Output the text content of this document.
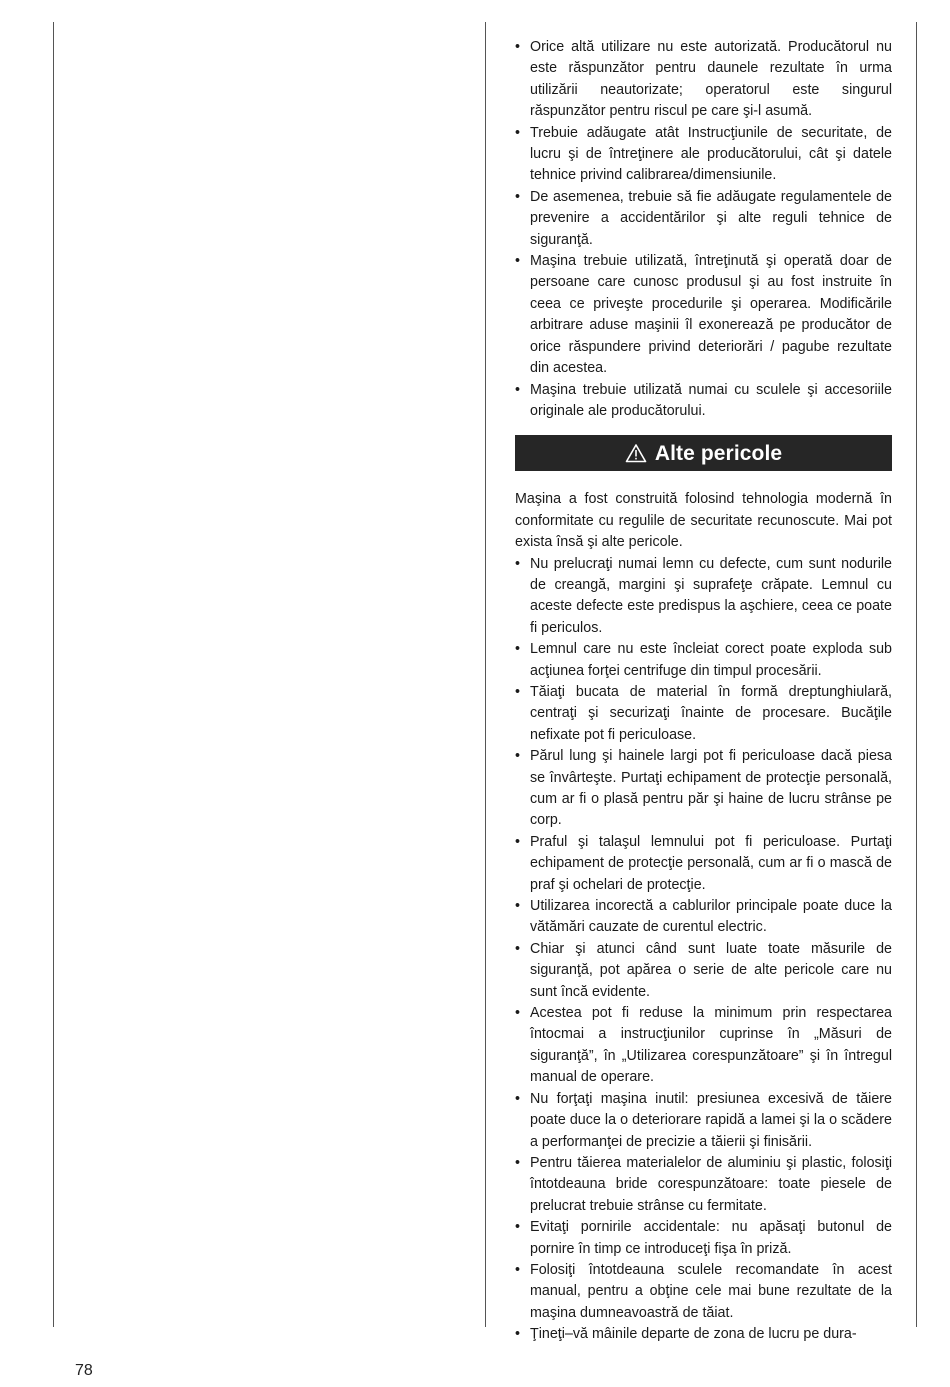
• Orice altă utilizare nu este autorizată. Producătorul nu este răspunzător pentru daunele rezultate în urma utilizării neautorizate; operatorul este singurul răspunzător pentru riscul pe care şi-l asumă.
• Trebuie adăugate atât Instrucţiunile de securitate, de lucru şi de întreţinere ale producătorului, cât şi datele tehnice privind calibrarea/dimensiunile.
• De asemenea, trebuie să fie adăugate regulamentele de prevenire a accidentărilor şi alte reguli tehnice de siguranţă.
• Maşina trebuie utilizată, întreţinută şi operată doar de persoane care cunosc produsul şi au fost instruite în ceea ce priveşte procedurile şi operarea. Modificările arbitrare aduse maşinii îl exonerează pe producător de orice răspundere privind deteriorări / pagube rezultate din acestea.
• Maşina trebuie utilizată numai cu sculele şi accesoriile originale ale producătorului.
Alte pericole

Maşina a fost construită folosind tehnologia modernă în conformitate cu regulile de securitate recunoscute. Mai pot exista însă şi alte pericole.

• Nu prelucraţi numai lemn cu defecte, cum sunt nodurile de creangă, margini şi suprafeţe crăpate. Lemnul cu aceste defecte este predispus la aşchiere, ceea ce poate fi periculos.
• Lemnul care nu este încleiat corect poate exploda sub acţiunea forţei centrifuge din timpul procesării.
• Tăiaţi bucata de material în formă dreptunghiulară, centraţi şi securizaţi înainte de procesare. Bucăţile nefixate pot fi periculoase.
• Părul lung şi hainele largi pot fi periculoase dacă piesa se învârteşte. Purtaţi echipament de protecţie personală, cum ar fi o plasă pentru păr şi haine de lucru strânse pe corp.
• Praful şi talaşul lemnului pot fi periculoase. Purtaţi echipament de protecţie personală, cum ar fi o mască de praf şi ochelari de protecţie.
• Utilizarea incorectă a cablurilor principale poate duce la vătămări cauzate de curentul electric.
• Chiar şi atunci când sunt luate toate măsurile de siguranţă, pot apărea o serie de alte pericole care nu sunt încă evidente.
• Acestea pot fi reduse la minimum prin respectarea întocmai a instrucţiunilor cuprinse în „Măsuri de siguranţă”, în „Utilizarea corespunzătoare” şi în întregul manual de operare.
• Nu forţaţi maşina inutil: presiunea excesivă de tăiere poate duce la o deteriorare rapidă a lamei şi la o scădere a performanţei de precizie a tăierii şi finisării.
• Pentru tăierea materialelor de aluminiu şi plastic, folosiţi întotdeauna bride corespunzătoare: toate piesele de prelucrat trebuie strânse cu fermitate.
• Evitaţi pornirile accidentale: nu apăsaţi butonul de pornire în timp ce introduceţi fişa în priză.
• Folosiţi întotdeauna sculele recomandate în acest manual, pentru a obţine cele mai bune rezultate de la maşina dumneavoastră de tăiat.
• Ţineţi–vă mâinile departe de zona de lucru pe dura-
78
